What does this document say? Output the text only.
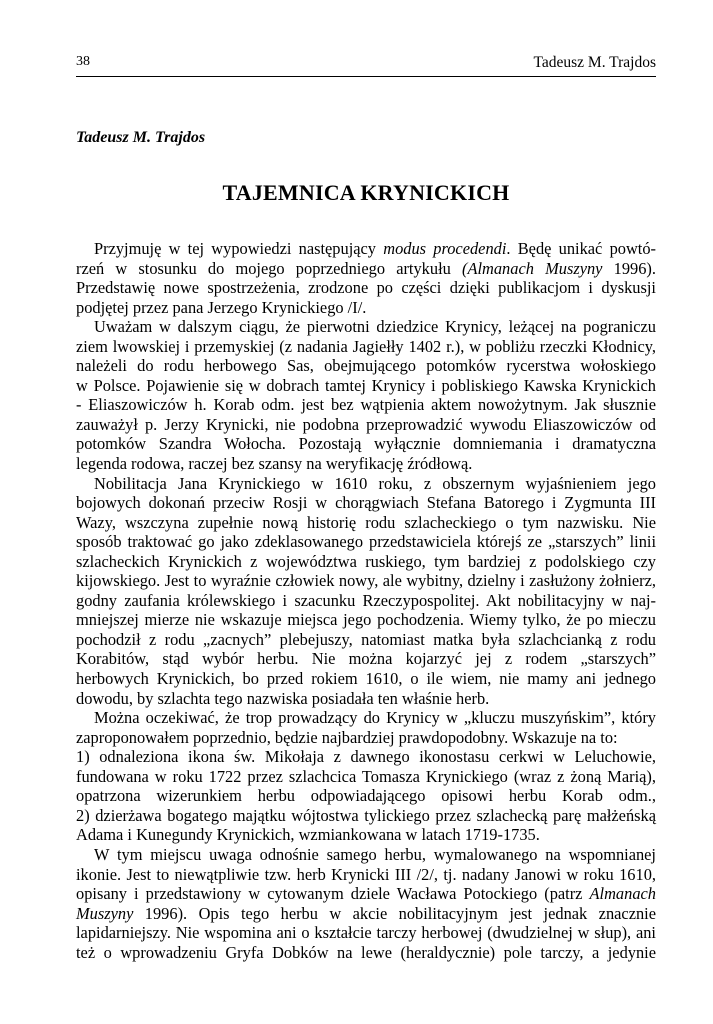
38	Tadeusz M. Trajdos
Tadeusz M. Trajdos
TAJEMNICA KRYNICKICH
Przyjmuję w tej wypowiedzi następujący modus procedendi. Będę unikać powtó-
rzeń w stosunku do mojego poprzedniego artykułu (Almanach Muszyny 1996).
Przedstawię nowe spostrzeżenia, zrodzone po części dzięki publikacjom i dyskusji
podjętej przez pana Jerzego Krynickiego /I/.
Uważam w dalszym ciągu, że pierwotni dziedzice Krynicy, leżącej na pograniczu
ziem lwowskiej i przemyskiej (z nadania Jagiełły 1402 r.), w pobliżu rzeczki Kłodnicy,
należeli do rodu herbowego Sas, obejmującego potomków rycerstwa wołoskiego
w Polsce. Pojawienie się w dobrach tamtej Krynicy i pobliskiego Kawska Krynickich
- Eliaszowiczów h. Korab odm. jest bez wątpienia aktem nowożytnym. Jak słusznie
zauważył p. Jerzy Krynicki, nie podobna przeprowadzić wywodu Eliaszowiczów od
potomków Szandra Wołocha. Pozostają wyłącznie domniemania i dramatyczna
legenda rodowa, raczej bez szansy na weryfikację źródłową.
Nobilitacja Jana Krynickiego w 1610 roku, z obszernym wyjaśnieniem jego
bojowych dokonań przeciw Rosji w chorągwiach Stefana Batorego i Zygmunta III
Wazy, wszczyna zupełnie nową historię rodu szlacheckiego o tym nazwisku. Nie
sposób traktować go jako zdeklasowanego przedstawiciela którejś ze „starszych” linii
szlacheckich Krynickich z województwa ruskiego, tym bardziej z podolskiego czy
kijowskiego. Jest to wyraźnie człowiek nowy, ale wybitny, dzielny i zasłużony żołnierz,
godny zaufania królewskiego i szacunku Rzeczypospolitej. Akt nobilitacyjny w naj-
mniejszej mierze nie wskazuje miejsca jego pochodzenia. Wiemy tylko, że po mieczu
pochodził z rodu „zacnych” plebejuszy, natomiast matka była szlachcianką z rodu
Korabitów, stąd wybór herbu. Nie można kojarzyć jej z rodem „starszych”
herbowych Krynickich, bo przed rokiem 1610, o ile wiem, nie mamy ani jednego
dowodu, by szlachta tego nazwiska posiadała ten właśnie herb.
Można oczekiwać, że trop prowadzący do Krynicy w „kluczu muszyńskim”, który
zaproponowałem poprzednio, będzie najbardziej prawdopodobny. Wskazuje na to:
1) odnaleziona ikona św. Mikołaja z dawnego ikonostasu cerkwi w Leluchowie,
fundowana w roku 1722 przez szlachcica Tomasza Krynickiego (wraz z żoną Marią),
opatrzona wizerunkiem herbu odpowiadającego opisowi herbu Korab odm.,
2) dzierżawa bogatego majątku wójtostwa tylickiego przez szlachecką parę małżeńską
Adama i Kunegundy Krynickich, wzmiankowana w latach 1719-1735.
W tym miejscu uwaga odnośnie samego herbu, wymalowanego na wspomnianej
ikonie. Jest to niewątpliwie tzw. herb Krynicki III /2/, tj. nadany Janowi w roku 1610,
opisany i przedstawiony w cytowanym dziele Wacława Potockiego (patrz Almanach
Muszyny 1996). Opis tego herbu w akcie nobilitacyjnym jest jednak znacznie
lapidarniejszy. Nie wspomina ani o kształcie tarczy herbowej (dwudzielnej w słup), ani
też o wprowadzeniu Gryfa Dobków na lewe (heraldycznie) pole tarczy, a jedynie
